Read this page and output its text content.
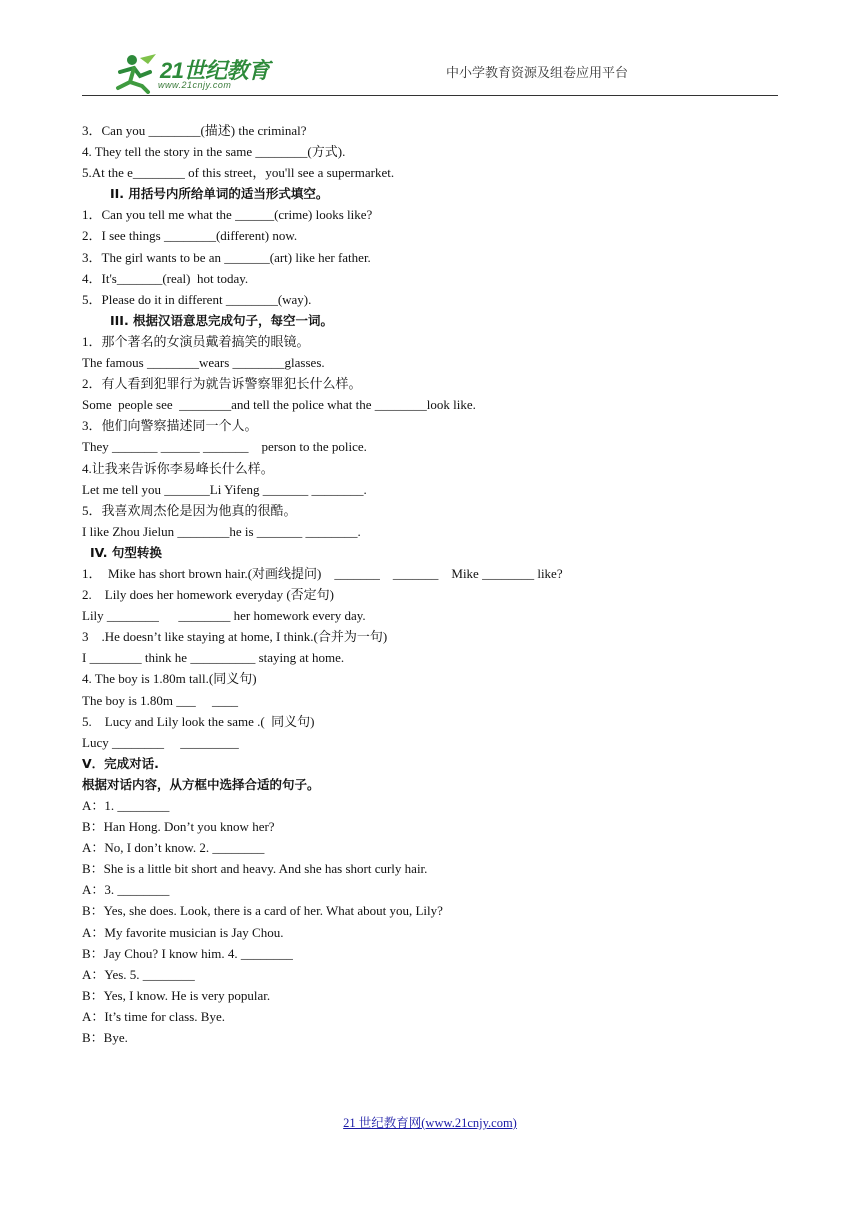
21世纪教育
www.21cnjy.com
中小学教育资源及组卷应用平台
3．Can you ________(描述) the criminal?
4. They tell the story in the same ________(方式).
5.At the e________ of this street，you'll see a supermarket.
II. 用括号内所给单词的适当形式填空。
1．Can you tell me what the ______(crime) looks like?
2．I see things ________(different) now.
3．The girl wants to be an _______(art) like her father.
4．It's_______(real)  hot today.
5．Please do it in different ________(way).
III. 根据汉语意思完成句子，每空一词。
1．那个著名的女演员戴着搞笑的眼镜。
The famous ________wears ________glasses.
2．有人看到犯罪行为就告诉警察罪犯长什么样。
Some  people see  ________and tell the police what the ________look like.
3．他们向警察描述同一个人。
They _______ ______ _______    person to the police.
4.让我来告诉你李易峰长什么样。
Let me tell you _______Li Yifeng _______ ________.
5．我喜欢周杰伦是因为他真的很酷。
I like Zhou Jielun ________he is _______ ________.
IV. 句型转换
1．  Mike has short brown hair.(对画线提问)    _______    _______    Mike ________ like?
2.    Lily does her homework everyday (否定句)
Lily ________      ________ her homework every day.
3    .He doesn’t like staying at home, I think.(合并为一句)
I ________ think he __________ staying at home.
4. The boy is 1.80m tall.(同义句)
The boy is 1.80m ___     ____
5.    Lucy and Lily look the same .(  同义句)
Lucy ________     _________
V．完成对话.
根据对话内容，从方框中选择合适的句子。
A：1. ________
B：Han Hong. Don’t you know her?
A：No, I don’t know. 2. ________
B：She is a little bit short and heavy. And she has short curly hair.
A：3. ________
B：Yes, she does. Look, there is a card of her. What about you, Lily?
A：My favorite musician is Jay Chou.
B：Jay Chou? I know him. 4. ________
A：Yes. 5. ________
B：Yes, I know. He is very popular.
A：It’s time for class. Bye.
B：Bye.
21 世纪教育网(www.21cnjy.com)
